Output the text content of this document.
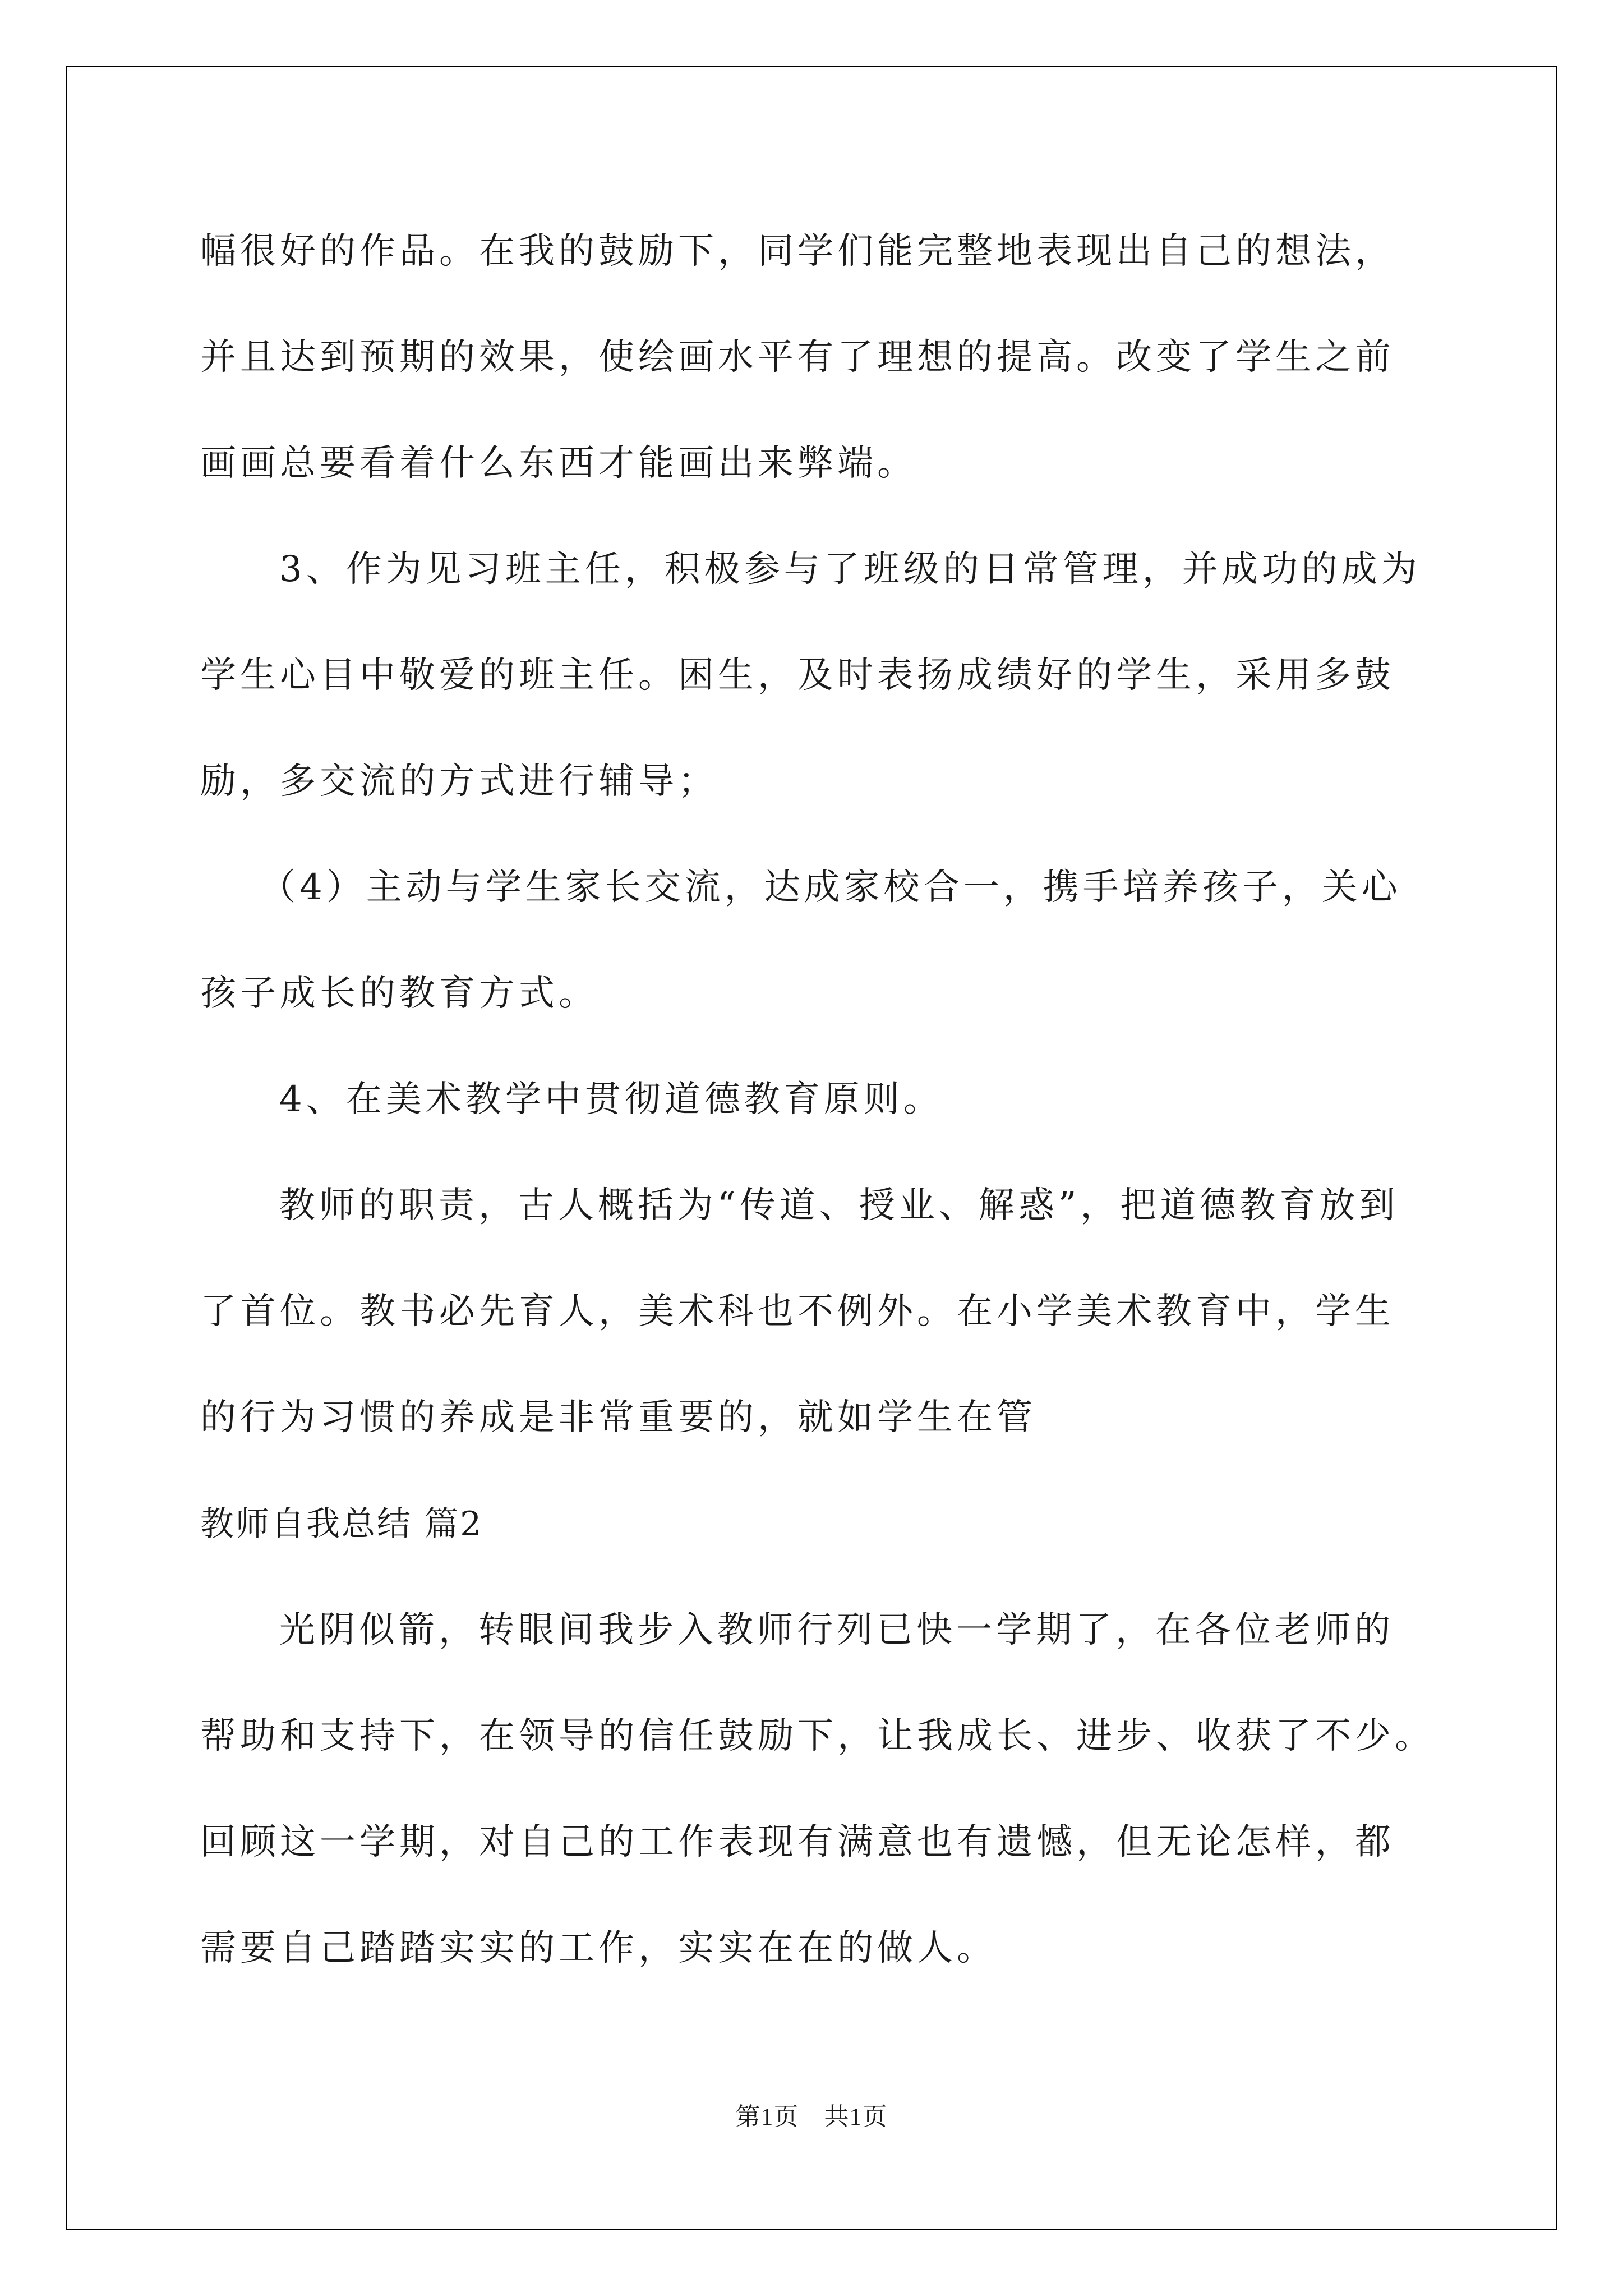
幅很好的作品。在我的鼓励下，同学们能完整地表现出自己的想法，
并且达到预期的效果，使绘画水平有了理想的提高。改变了学生之前
画画总要看着什么东西才能画出来弊端。
3、作为见习班主任，积极参与了班级的日常管理，并成功的成为
学生心目中敬爱的班主任。困生，及时表扬成绩好的学生，采用多鼓
励，多交流的方式进行辅导；
（4）主动与学生家长交流，达成家校合一，携手培养孩子，关心
孩子成长的教育方式。
4、在美术教学中贯彻道德教育原则。
教师的职责，古人概括为“传道、授业、解惑”，把道德教育放到
了首位。教书必先育人，美术科也不例外。在小学美术教育中，学生
的行为习惯的养成是非常重要的，就如学生在管
教师自我总结 篇2
光阴似箭，转眼间我步入教师行列已快一学期了，在各位老师的
帮助和支持下，在领导的信任鼓励下，让我成长、进步、收获了不少。
回顾这一学期，对自己的工作表现有满意也有遗憾，但无论怎样，都
需要自己踏踏实实的工作，实实在在的做人。
第1页　共1页
